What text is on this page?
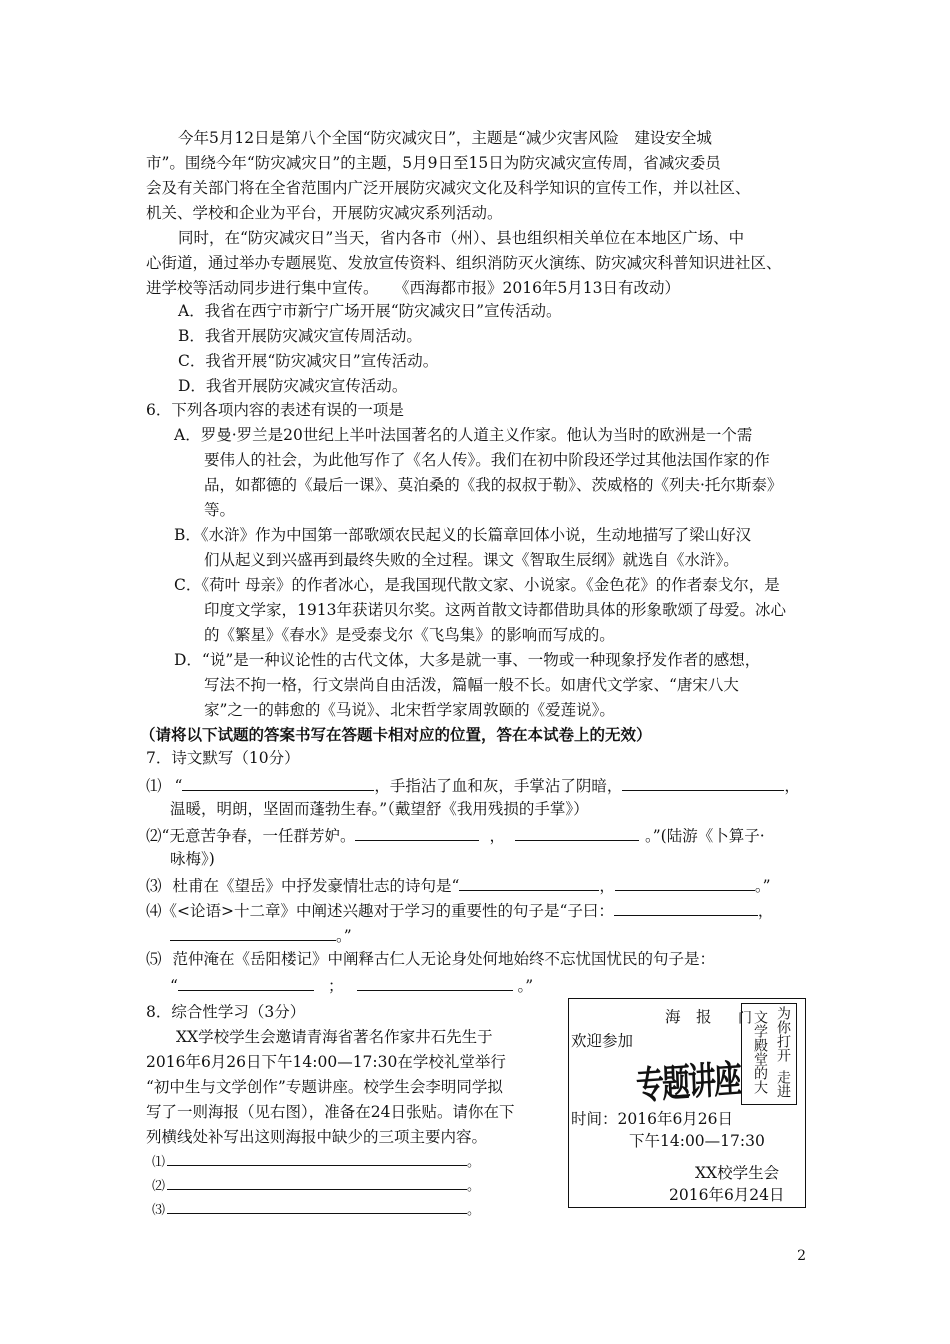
今年5月12日是第八个全国“防灾减灾日”，主题是“减少灾害风险　建设安全城
市”。围绕今年“防灾减灾日”的主题，5月9日至15日为防灾减灾宣传周，省减灾委员
会及有关部门将在全省范围内广泛开展防灾减灾文化及科学知识的宣传工作，并以社区、
机关、学校和企业为平台，开展防灾减灾系列活动。
同时，在“防灾减灾日”当天，省内各市（州）、县也组织相关单位在本地区广场、中
心街道，通过举办专题展览、发放宣传资料、组织消防灭火演练、防灾减灾科普知识进社区、
进学校等活动同步进行集中宣传。　　《西海都市报》2016年5月13日有改动）
A．我省在西宁市新宁广场开展“防灾减灾日”宣传活动。
B．我省开展防灾减灾宣传周活动。
C．我省开展“防灾减灾日”宣传活动。
D．我省开展防灾减灾宣传活动。
6．下列各项内容的表述有误的一项是
A．罗曼·罗兰是20世纪上半叶法国著名的人道主义作家。他认为当时的欧洲是一个需
要伟人的社会，为此他写作了《名人传》。我们在初中阶段还学过其他法国作家的作
品，如都德的《最后一课》、莫泊桑的《我的叔叔于勒》、茨威格的《列夫·托尔斯泰》
等。
B．《水浒》作为中国第一部歌颂农民起义的长篇章回体小说，生动地描写了梁山好汉
们从起义到兴盛再到最终失败的全过程。课文《智取生辰纲》就选自《水浒》。
C．《荷叶 母亲》的作者冰心，是我国现代散文家、小说家。《金色花》的作者泰戈尔，是
印度文学家，1913年获诺贝尔奖。这两首散文诗都借助具体的形象歌颂了母爱。冰心
的《繁星》《春水》是受泰戈尔《飞鸟集》的影响而写成的。
D．“说”是一种议论性的古代文体，大多是就一事、一物或一种现象抒发作者的感想，
写法不拘一格，行文崇尚自由活泼，篇幅一般不长。如唐代文学家、“唐宋八大
家”之一的韩愈的《马说》、北宋哲学家周敦颐的《爱莲说》。
（请将以下试题的答案书写在答题卡相对应的位置，答在本试卷上的无效）
7．诗文默写（10分）
⑴ “	，手指沾了血和灰，手掌沾了阴暗，	，
温暖，明朗，坚固而蓬勃生春。”（戴望舒《我用残损的手掌》）
⑵“无意苦争春，一任群芳妒。	，	。”(陆游《卜算子·
咏梅》)
⑶ 杜甫在《望岳》中抒发豪情壮志的诗句是“	，	。”
⑷《<论语>十二章》中阐述兴趣对于学习的重要性的句子是“子曰：	，
。”
⑸ 范仲淹在《岳阳楼记》中阐释古仁人无论身处何地始终不忘忧国忧民的句子是：
“	；	。”
8．综合性学习（3分）
XX学校学生会邀请青海省著名作家井石先生于
2016年6月26日下午14:00—17:30在学校礼堂举行
“初中生与文学创作”专题讲座。校学生会李明同学拟
写了一则海报（见右图），准备在24日张贴。请你在下
列横线处补写出这则海报中缺少的三项主要内容。
⑴	。
⑵	。
⑶	。
海　报
欢迎参加
专题讲座
为你打开
走进
文学殿堂的大门
时间：2016年6月26日
下午14:00—17:30
XX校学生会
2016年6月24日
2
